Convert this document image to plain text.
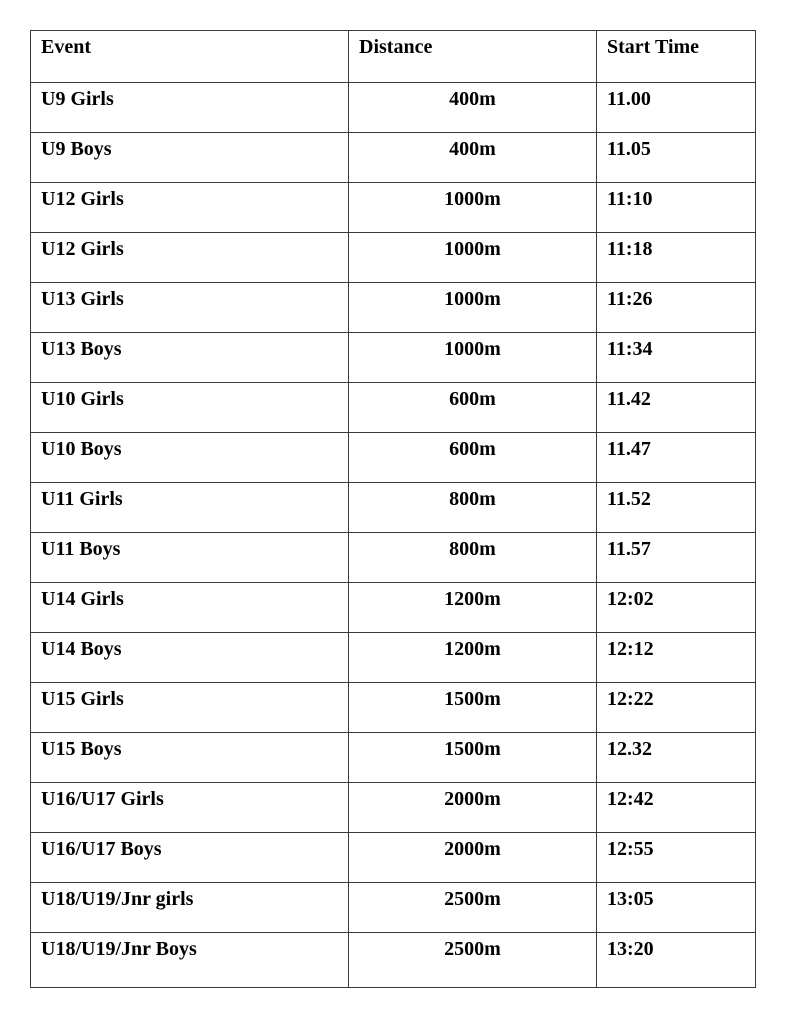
Event	Distance	Start Time
U9 Girls	400m	11.00
U9 Boys	400m	11.05
U12 Girls	1000m	11:10
U12 Girls	1000m	11:18
U13 Girls	1000m	11:26
U13 Boys	1000m	11:34
U10 Girls	600m	11.42
U10 Boys	600m	11.47
U11 Girls	800m	11.52
U11 Boys	800m	11.57
U14 Girls	1200m	12:02
U14 Boys	1200m	12:12
U15 Girls	1500m	12:22
U15 Boys	1500m	12.32
U16/U17 Girls	2000m	12:42
U16/U17 Boys	2000m	12:55
U18/U19/Jnr girls	2500m	13:05
U18/U19/Jnr Boys	2500m	13:20
